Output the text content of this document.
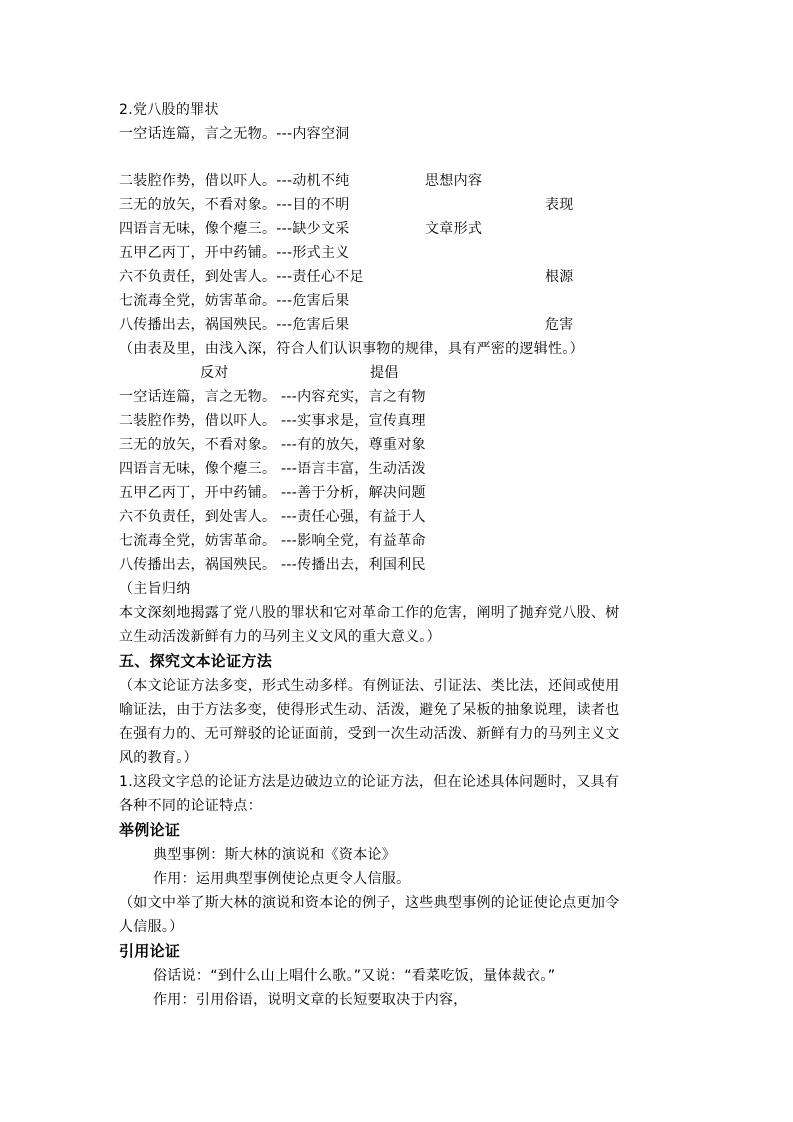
2.党八股的罪状
一空话连篇，言之无物。---内容空洞
二装腔作势，借以吓人。---动机不纯	思想内容
三无的放矢，不看对象。---目的不明	表现
四语言无味，像个瘪三。---缺少文采	文章形式
五甲乙丙丁，开中药铺。---形式主义
六不负责任，到处害人。---责任心不足	根源
七流毒全党，妨害革命。---危害后果
八传播出去，祸国殃民。---危害后果	危害
（由表及里，由浅入深，符合人们认识事物的规律，具有严密的逻辑性。）
反对	提倡
一空话连篇，言之无物。 ---内容充实，言之有物
二装腔作势，借以吓人。 ---实事求是，宣传真理
三无的放矢，不看对象。 ---有的放矢，尊重对象
四语言无味，像个瘪三。 ---语言丰富，生动活泼
五甲乙丙丁，开中药铺。 ---善于分析，解决问题
六不负责任，到处害人。 ---责任心强，有益于人
七流毒全党，妨害革命。 ---影响全党，有益革命
八传播出去，祸国殃民。 ---传播出去，利国利民
（主旨归纳
本文深刻地揭露了党八股的罪状和它对革命工作的危害，阐明了抛弃党八股、树
立生动活泼新鲜有力的马列主义文风的重大意义。）
五、探究文本论证方法
（本文论证方法多变，形式生动多样。有例证法、引证法、类比法，还间或使用
喻证法，由于方法多变，使得形式生动、活泼，避免了呆板的抽象说理，读者也
在强有力的、无可辩驳的论证面前，受到一次生动活泼、新鲜有力的马列主义文
风的教育。）
1.这段文字总的论证方法是边破边立的论证方法，但在论述具体问题时，又具有
各种不同的论证特点：
举例论证
典型事例：斯大林的演说和《资本论》
作用：运用典型事例使论点更令人信服。
（如文中举了斯大林的演说和资本论的例子，这些典型事例的论证使论点更加令
人信服。）
引用论证
俗话说：“到什么山上唱什么歌。”又说：“看菜吃饭，量体裁衣。”
作用：引用俗语，说明文章的长短要取决于内容，
